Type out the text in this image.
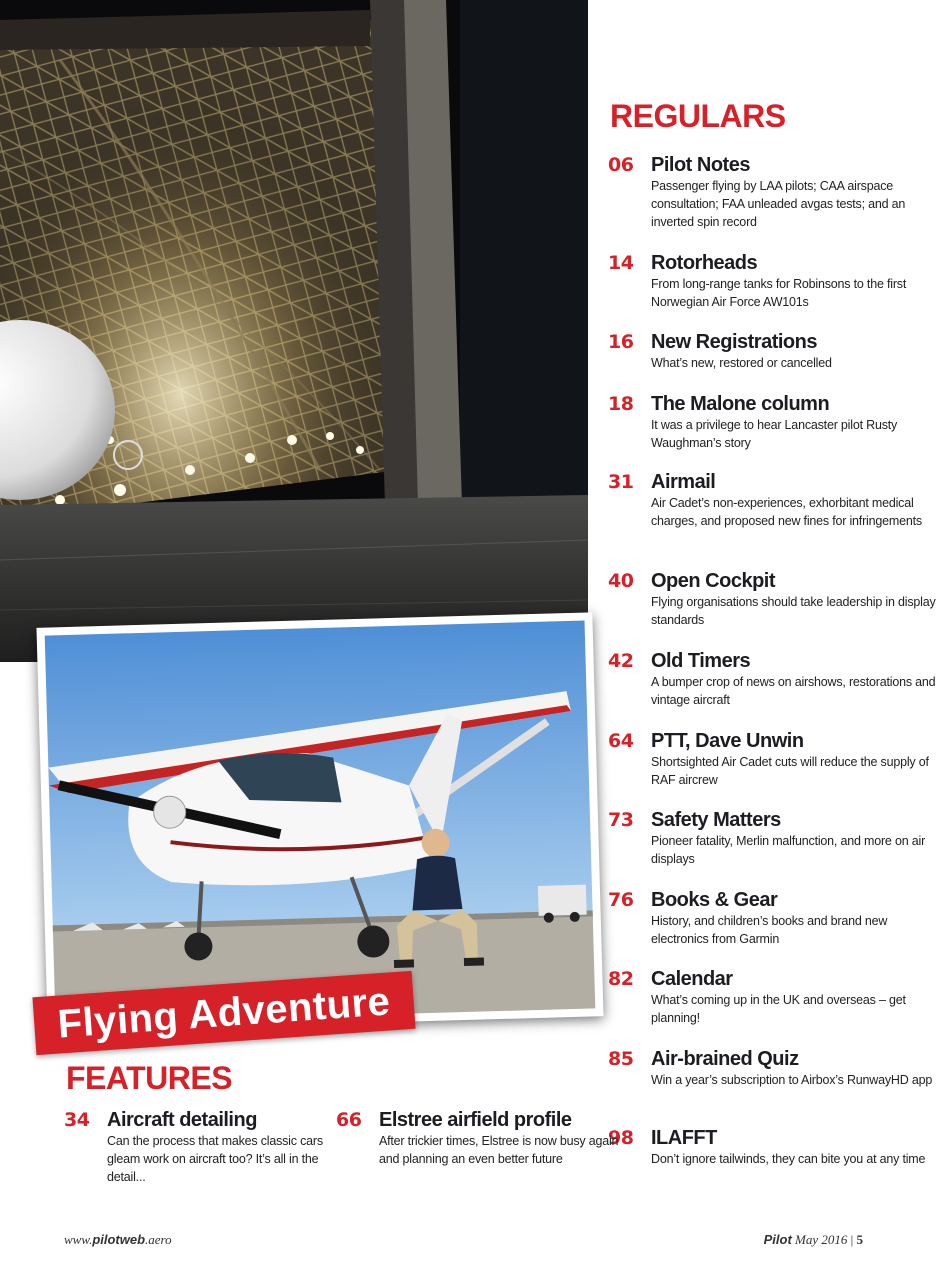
Flying Adventure
REGULARS
06 Pilot Notes
Passenger flying by LAA pilots; CAA airspace consultation; FAA unleaded avgas tests; and an inverted spin record
14 Rotorheads
From long-range tanks for Robinsons to the first Norwegian Air Force AW101s
16 New Registrations
What’s new, restored or cancelled
18 The Malone column
It was a privilege to hear Lancaster pilot Rusty Waughman’s story
31 Airmail
Air Cadet’s non-experiences, exhorbitant medical charges, and proposed new fines for infringements
40 Open Cockpit
Flying organisations should take leadership in display standards
42 Old Timers
A bumper crop of news on airshows, restorations and vintage aircraft
64 PTT, Dave Unwin
Shortsighted Air Cadet cuts will reduce the supply of RAF aircrew
73 Safety Matters
Pioneer fatality, Merlin malfunction, and more on air displays
76 Books & Gear
History, and children’s books and brand new electronics from Garmin
82 Calendar
What’s coming up in the UK and overseas – get planning!
85 Air-brained Quiz
Win a year’s subscription to Airbox’s RunwayHD app
98 ILAFFT
Don’t ignore tailwinds, they can bite you at any time
FEATURES
34 Aircraft detailing
Can the process that makes classic cars gleam work on aircraft too? It’s all in the detail...
66 Elstree airfield profile
After trickier times, Elstree is now busy again and planning an even better future
www.pilotweb.aero	Pilot May 2016 | 5
